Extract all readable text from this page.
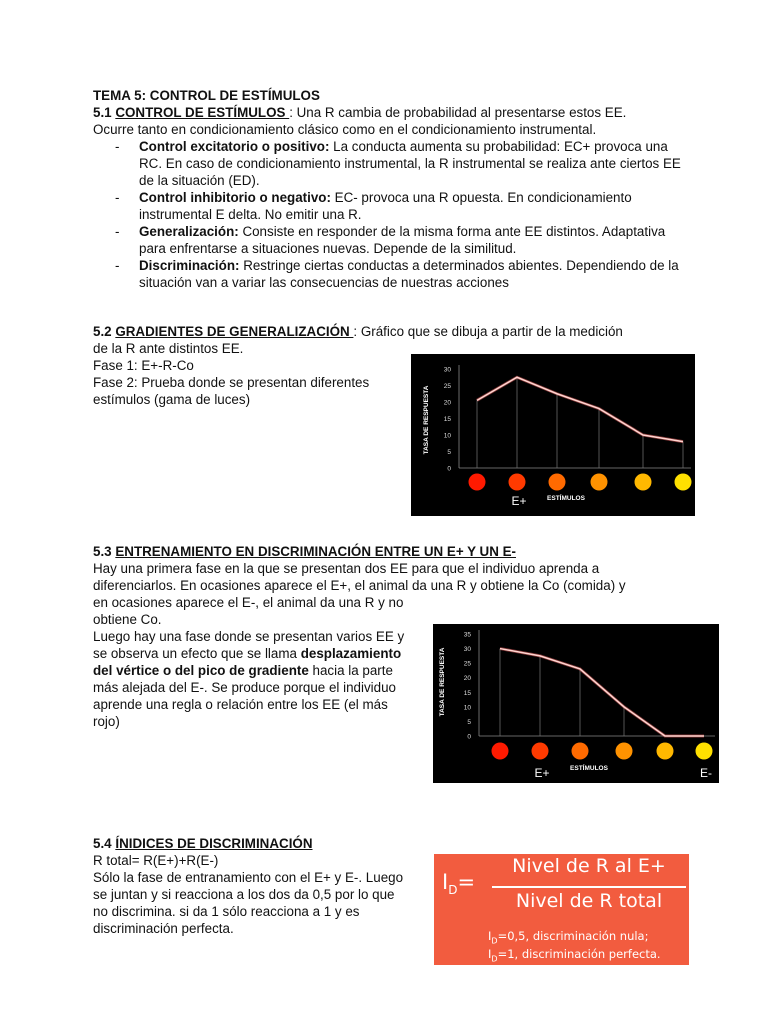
TEMA 5: CONTROL DE ESTÍMULOS

5.1 CONTROL DE ESTÍMULOS : Una R cambia de probabilidad al presentarse estos EE.

Ocurre tanto en condicionamiento clásico como en el condicionamiento instrumental.

- Control excitatorio o positivo: La conducta aumenta su probabilidad: EC+ provoca una RC. En caso de condicionamiento instrumental, la R instrumental se realiza ante ciertos EE de la situación (ED).
- Control inhibitorio o negativo: EC- provoca una R opuesta. En condicionamiento instrumental E delta. No emitir una R.
- Generalización: Consiste en responder de la misma forma ante EE distintos. Adaptativa para enfrentarse a situaciones nuevas. Depende de la similitud.
- Discriminación: Restringe ciertas conductas a determinados abientes. Dependiendo de la situación van a variar las consecuencias de nuestras acciones

5.2 GRADIENTES DE GENERALIZACIÓN : Gráfico que se dibuja a partir de la medición

de la R ante distintos EE.

Fase 1: E+-R-Co

Fase 2: Prueba donde se presentan diferentes

estímulos (gama de luces)	TASA DE RESPUESTA
0
5
10
15
20
25
30
ESTÍMULOS
E+

5.3 ENTRENAMIENTO EN DISCRIMINACIÓN ENTRE UN E+ Y UN E-

Hay una primera fase en la que se presentan dos EE para que el individuo aprenda a

diferenciarlos. En ocasiones aparece el E+, el animal da una R y obtiene la Co (comida) y

en ocasiones aparece el E-, el animal da una R y no

obtiene Co.

Luego hay una fase donde se presentan varios EE y

se observa un efecto que se llama desplazamiento

del vértice o del pico de gradiente hacia la parte

más alejada del E-. Se produce porque el individuo

aprende una regla o relación entre los EE (el más

rojo)

TASA DE RESPUESTA
0
5
10
15
20
25
30
35
ESTÍMULOS
E+	E-

5.4 ÍNIDICES DE DISCRIMINACIÓN

R total= R(E+)+R(E-)

Sólo la fase de entranamiento con el E+ y E-. Luego

se juntan y si reacciona a los dos da 0,5 por lo que

no discrimina. si da 1 sólo reacciona a 1 y es

discriminación perfecta.

$I_D=$
Nivel de R al E+
Nivel de R total
$I_D=0,5$, discriminación nula;
$I_D=1$, discriminación perfecta.
